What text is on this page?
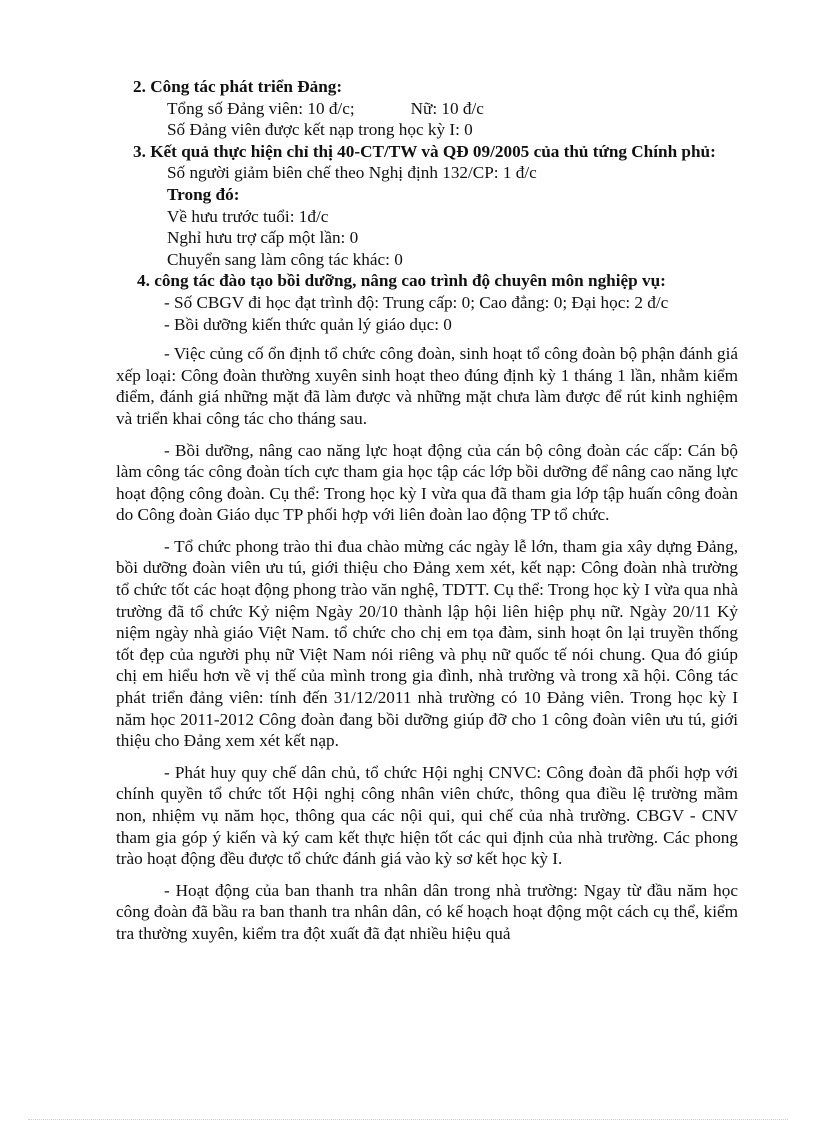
2. Công tác phát triển Đảng:

Tổng số Đảng viên: 10 đ/c;	Nữ: 10 đ/c

Số Đảng viên được kết nạp trong học kỳ I: 0

3. Kết quả thực hiện chỉ thị 40-CT/TW và QĐ 09/2005 của thủ tứng Chính phủ:

Số người giảm biên chế theo Nghị định 132/CP: 1 đ/c

Trong đó:

Về hưu trước tuổi: 1đ/c

Nghỉ hưu trợ cấp một lần: 0

Chuyển sang làm công tác khác: 0

4. công tác đào tạo bồi dưỡng, nâng cao trình độ chuyên môn nghiệp vụ:

- Số CBGV đi học đạt trình độ: Trung cấp: 0; Cao đẳng: 0; Đại học: 2 đ/c

- Bồi dưỡng kiến thức quản lý giáo dục: 0

- Việc củng cố ổn định tổ chức công đoàn, sinh hoạt tổ công đoàn bộ phận đánh giá xếp loại: Công đoàn thường xuyên sinh hoạt theo đúng định kỳ 1 tháng 1 lần, nhằm kiểm điểm, đánh giá những mặt đã làm được và những mặt chưa làm được để rút kinh nghiệm và triển khai công tác cho tháng sau.

- Bồi dưỡng, nâng cao năng lực hoạt động của cán bộ công đoàn các cấp: Cán bộ làm công tác công đoàn tích cực tham gia học tập các lớp bồi dưỡng để nâng cao năng lực hoạt động công đoàn. Cụ thể: Trong học kỳ I vừa qua đã tham gia lớp tập huấn công đoàn do Công đoàn Giáo dục TP phối hợp với liên đoàn lao động TP tổ chức.

- Tổ chức phong trào thi đua chào mừng các ngày lễ lớn, tham gia xây dựng Đảng, bồi dưỡng đoàn viên ưu tú, giới thiệu cho Đảng xem xét, kết nạp: Công đoàn nhà trường tổ chức tốt các hoạt động phong trào văn nghệ, TDTT. Cụ thể: Trong học kỳ I vừa qua nhà trường đã tổ chức Kỷ niệm Ngày 20/10 thành lập hội liên hiệp phụ nữ. Ngày 20/11 Kỷ niệm ngày nhà giáo Việt Nam. tổ chức cho chị em tọa đàm, sinh hoạt ôn lại truyền thống tốt đẹp của người phụ nữ Việt Nam nói riêng và phụ nữ quốc tế nói chung. Qua đó giúp chị em hiểu hơn về vị thế của mình trong gia đình, nhà trường và trong xã hội. Công tác phát triển đảng viên: tính đến 31/12/2011 nhà trường có 10 Đảng viên. Trong học kỳ I năm học 2011-2012 Công đoàn đang bồi dưỡng giúp đỡ cho 1 công đoàn viên ưu tú, giới thiệu cho Đảng xem xét kết nạp.

- Phát huy quy chế dân chủ, tổ chức Hội nghị CNVC: Công đoàn đã phối hợp với chính quyền tổ chức tốt Hội nghị công nhân viên chức, thông qua điều lệ trường mầm non, nhiệm vụ năm học, thông qua các nội qui, qui chế của nhà trường. CBGV - CNV tham gia góp ý kiến và ký cam kết thực hiện tốt các qui định của nhà trường. Các phong trào hoạt động đều được tổ chức đánh giá vào kỳ sơ kết học kỳ I.

- Hoạt động của ban thanh tra nhân dân trong nhà trường: Ngay từ đầu năm học công đoàn đã bầu ra ban thanh tra nhân dân, có kế hoạch hoạt động một cách cụ thể, kiểm tra thường xuyên, kiểm tra đột xuất đã đạt nhiều hiệu quả
